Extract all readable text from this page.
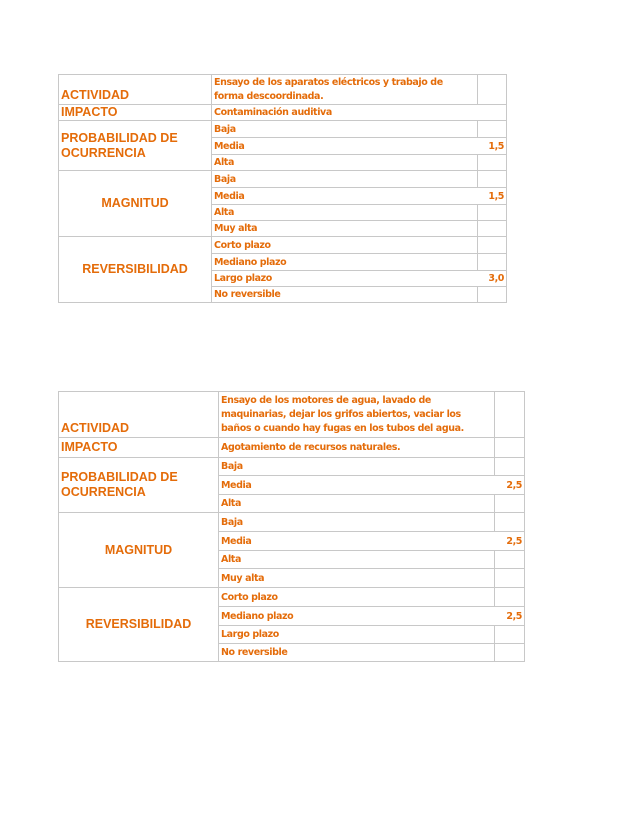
ACTIVIDAD	Ensayo de los aparatos eléctricos y trabajo de forma descoordinada.	
IMPACTO	Contaminación auditiva	
PROBABILIDAD DE OCURRENCIA	Baja	
	Media 1,5	

	Alta	
MAGNITUD	Baja	
	Media 1,5	

	Alta	
	Muy alta	
REVERSIBILIDAD	Corto plazo	
	Mediano plazo	
	Largo plazo 3,0	

	No reversible	
ACTIVIDAD	Ensayo de los motores de agua, lavado de maquinarias, dejar los grifos abiertos, vaciar los baños o cuando hay fugas en los tubos del agua.	
IMPACTO	Agotamiento de recursos naturales.	
PROBABILIDAD DE OCURRENCIA	Baja	
	Media 2,5	

	Alta	
MAGNITUD	Baja	
	Media 2,5	

	Alta	
	Muy alta	
REVERSIBILIDAD	Corto plazo	
	Mediano plazo 2,5	

	Largo plazo	
	No reversible	
